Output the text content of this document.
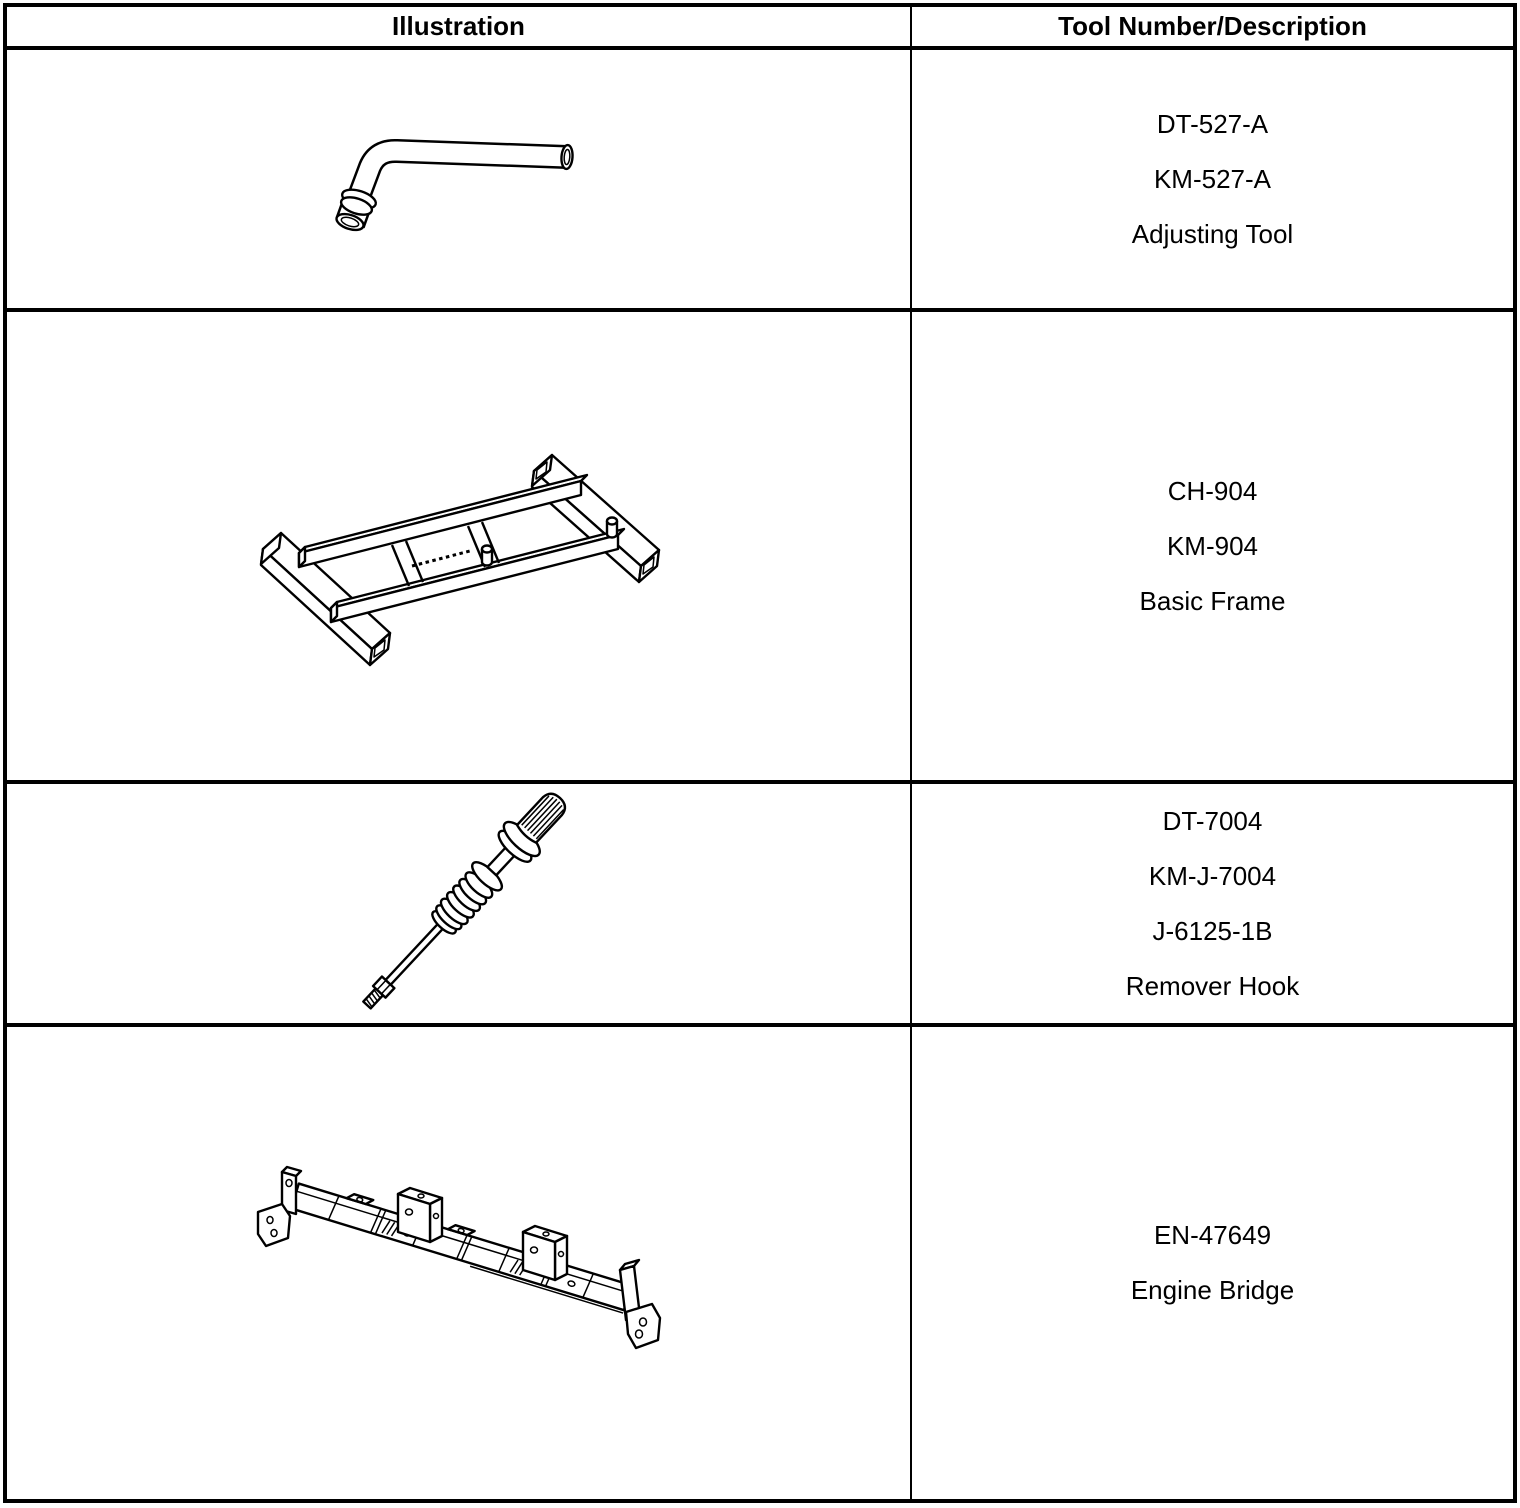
Illustration	Tool Number/Description
DT-527-A
KM-527-A
Adjusting Tool
CH-904
KM-904
Basic Frame
DT-7004
KM-J-7004
J-6125-1B
Remover Hook
EN-47649
Engine Bridge
